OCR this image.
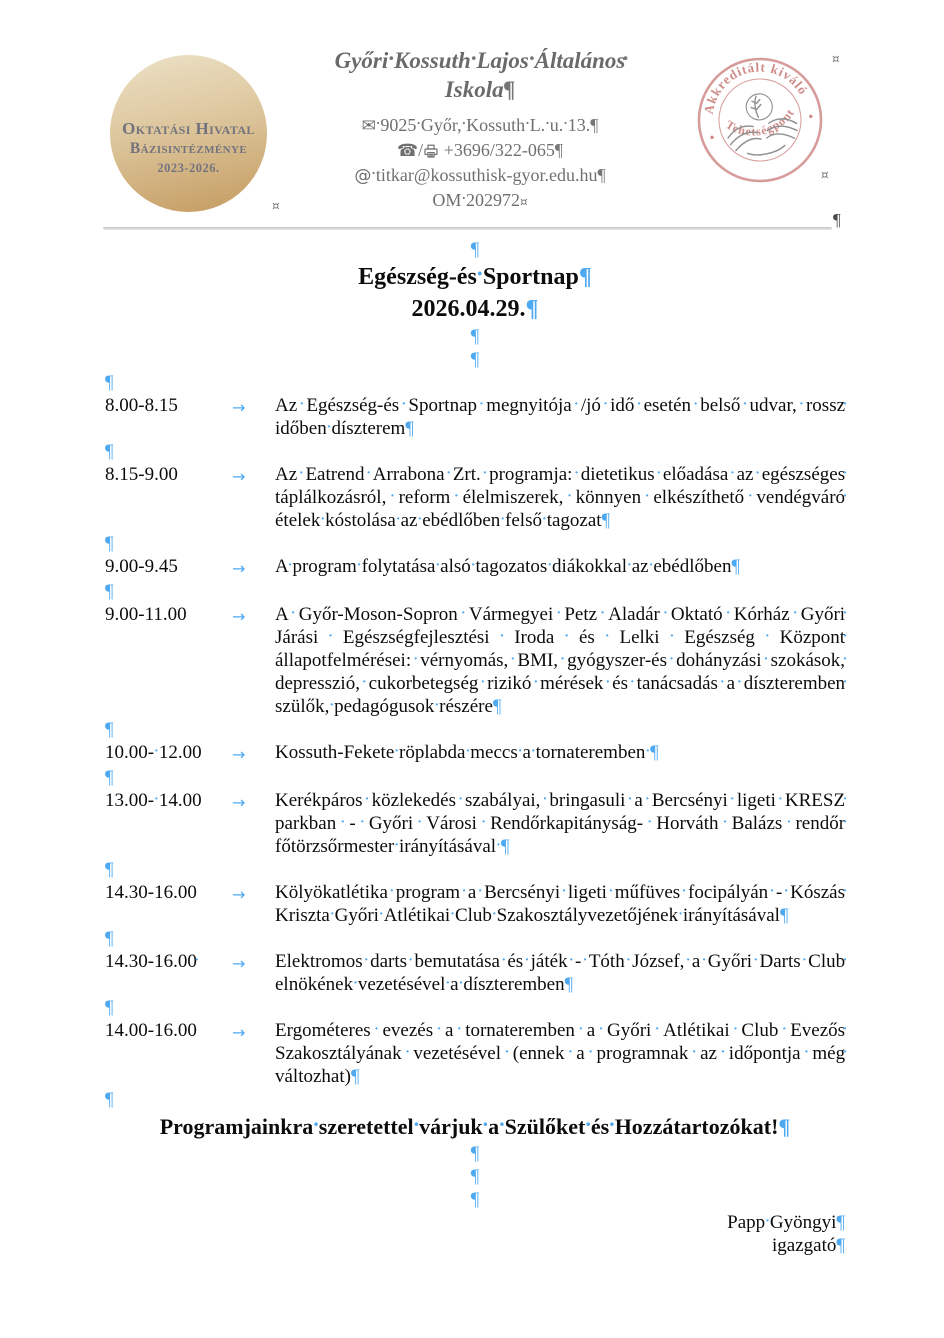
Oktatási Hivatal
Bázisintézménye
2023-2026.
Győri · Kossuth · Lajos · Általános
Iskola¶
✉ · 9025 · Győr, · Kossuth · L. · u. · 13.¶
☎/ +3696/322-065¶
@ · titkar@kossuthisk-gyor.edu.hu¶
OM · 202972¤
Akkreditált kiváló
Tehetségpont
¤
¤
¤
¶
¶
Egészség-és · Sportnap¶
2026.04.29.¶
¶
¶
¶
8.00-8.15	→	Az · Egészség-és · Sportnap · megnyitója · /jó · idő · esetén · belső · udvar, · rossz időben · díszterem¶
¶
8.15-9.00	→	Az · Eatrend · Arrabona · Zrt. · programja: · dietetikus · előadása · az · egészséges táplálkozásról, · reform · élelmiszerek, · könnyen · elkészíthető · vendégváró ételek · kóstolása · az · ebédlőben · felső · tagozat¶
¶
9.00-9.45	→	A · program · folytatása · alsó · tagozatos · diákokkal · az · ebédlőben¶
¶
9.00-11.00	→	A · Győr-Moson-Sopron · Vármegyei · Petz · Aladár · Oktató · Kórház · Győri Járási · Egészségfejlesztési · Iroda · és · Lelki · Egészség · Központ állapotfelmérései: · vérnyomás, · BMI, · gyógyszer-és · dohányzási · szokások, depresszió, · cukorbetegség · rizikó · mérések · és · tanácsadás · a · díszteremben szülők, · pedagógusok · részére¶
¶
10.00- · 12.00	→	Kossuth-Fekete · röplabda · meccs · a · tornateremben · ¶
¶
13.00- · 14.00	→	Kerékpáros · közlekedés · szabályai, · bringasuli · a · Bercsényi · ligeti · KRESZ parkban · - · Győri · Városi · Rendőrkapitányság- · Horváth · Balázs · rendőr főtörzsőrmester · irányításával · ¶
¶
14.30-16.00	→	Kölyökatlétika · program · a · Bercsényi · ligeti · műfüves · focipályán · - · Kószás Kriszta · Győri · Atlétikai · Club · Szakosztályvezetőjének · irányításával¶
¶
14.30-16.00	→	Elektromos · darts · bemutatása · és · játék · - · Tóth · József, · a · Győri · Darts · Club elnökének · vezetésével · a · díszteremben¶
¶
14.00-16.00	→	Ergométeres · evezés · a · tornateremben · a · Győri · Atlétikai · Club · Evezős Szakosztályának · vezetésével · (ennek · a · programnak · az · időpontja · még változhat)¶
¶
Programjainkra · szeretettel · várjuk · a · Szülőket · és · Hozzátartozókat!¶
¶
¶
¶
Papp · Gyöngyi¶
igazgató¶
